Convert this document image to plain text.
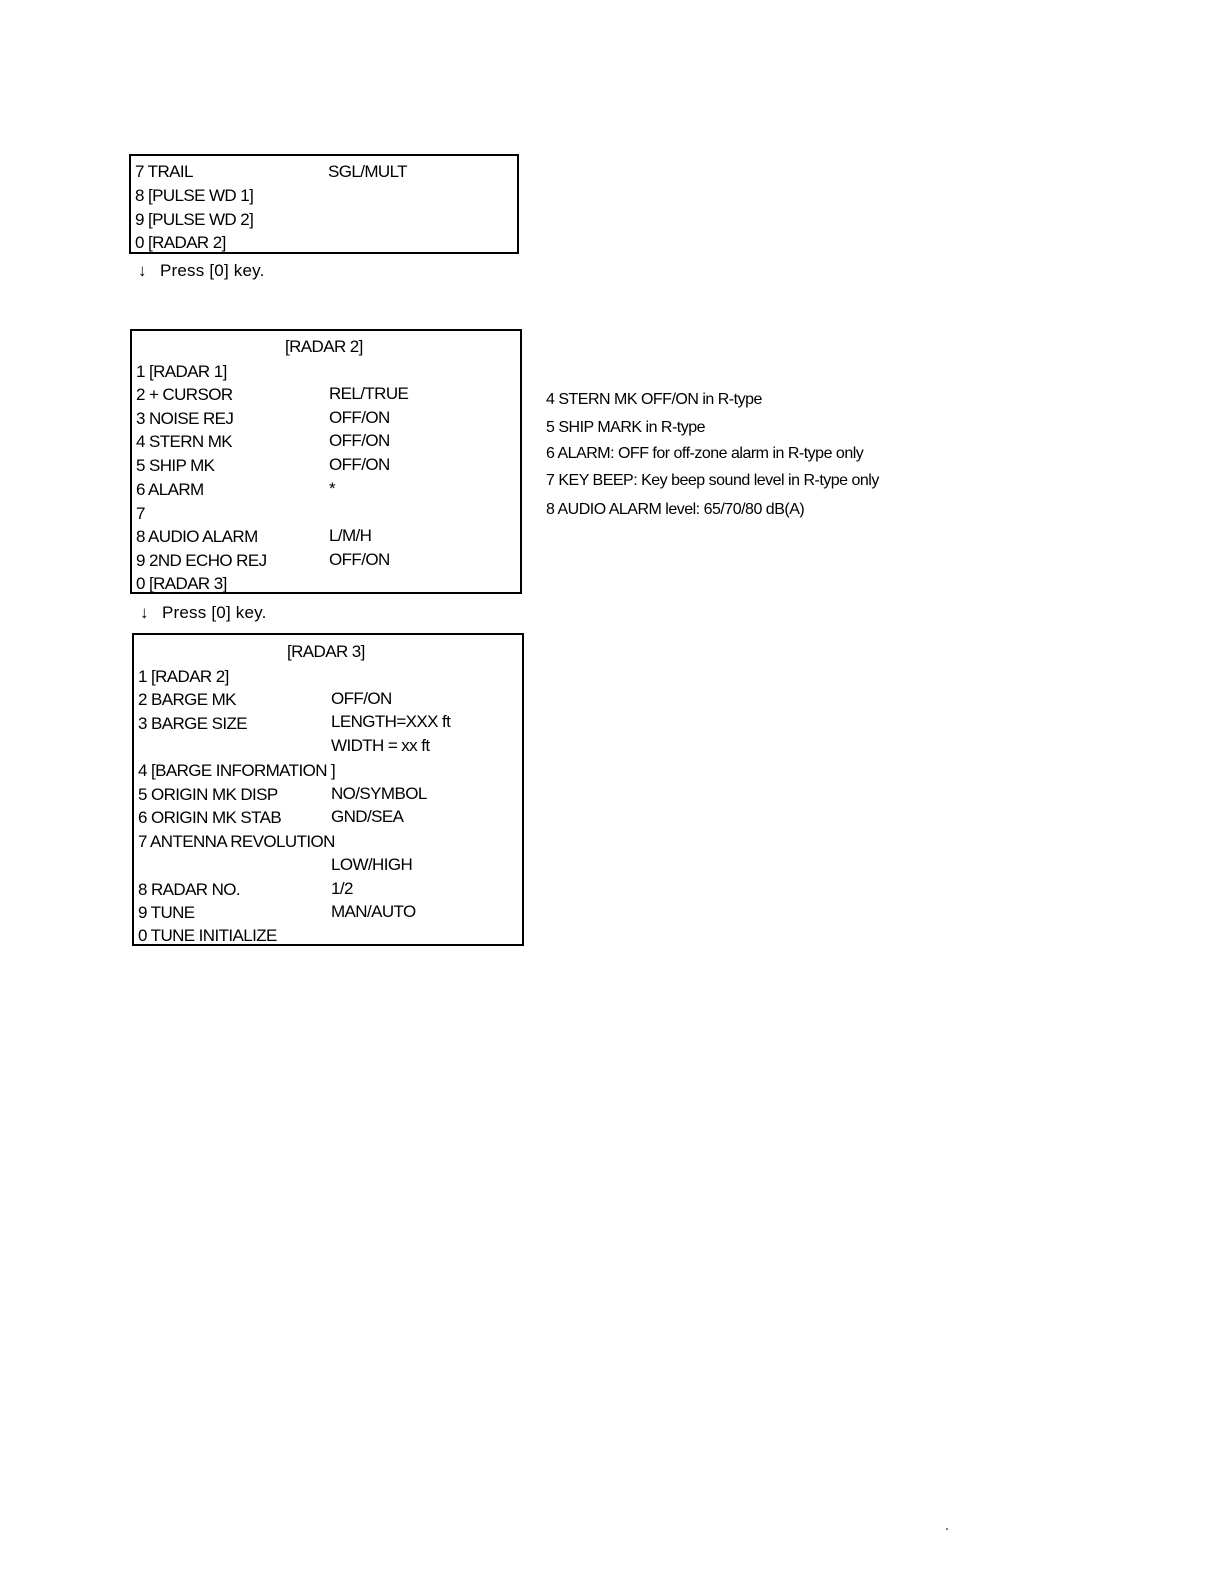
7 TRAIL	SGL/MULT
8 [PULSE WD 1]
9 [PULSE WD 2]
0 [RADAR 2]
↓ Press [0] key.
[RADAR 2]
1 [RADAR 1]
2 + CURSOR	REL/TRUE
3 NOISE REJ	OFF/ON
4 STERN MK	OFF/ON
5 SHIP MK	OFF/ON
6 ALARM	*
7
8 AUDIO ALARM	L/M/H
9 2ND ECHO REJ	OFF/ON
0 [RADAR 3]
↓ Press [0] key.
[RADAR 3]
1 [RADAR 2]
2 BARGE MK	OFF/ON
3 BARGE SIZE	LENGTH=XXX ft
WIDTH = xx ft
4 [BARGE INFORMATION ]
5 ORIGIN MK DISP	NO/SYMBOL
6 ORIGIN MK STAB	GND/SEA
7 ANTENNA REVOLUTION
LOW/HIGH
8 RADAR NO.	1/2
9 TUNE	MAN/AUTO
0 TUNE INITIALIZE
4 STERN MK OFF/ON in R-type
5 SHIP MARK in R-type
6 ALARM: OFF for off-zone alarm in R-type only
7 KEY BEEP: Key beep sound level in R-type only
8 AUDIO ALARM level: 65/70/80 dB(A)
